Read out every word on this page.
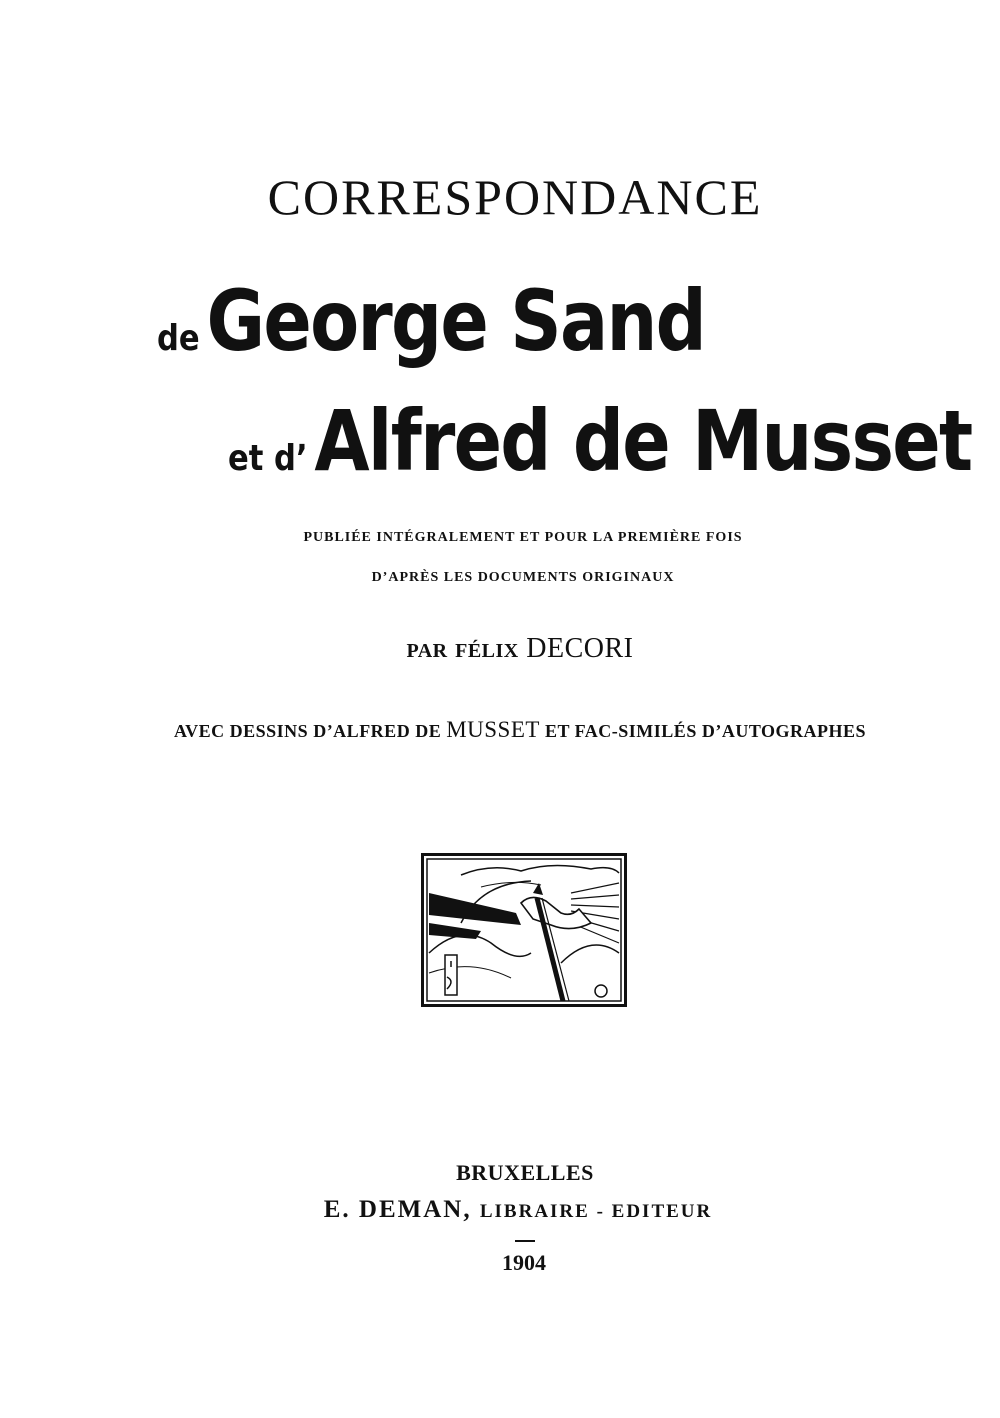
CORRESPONDANCE
deGeorge Sand
et d’Alfred de Musset
PUBLIÉE INTÉGRALEMENT ET POUR LA PREMIÈRE FOIS
D’APRÈS LES DOCUMENTS ORIGINAUX
PAR FÉLIX DECORI
AVEC DESSINS D’ALFRED DE MUSSET ET FAC-SIMILÉS D’AUTOGRAPHES
BRUXELLES
E. DEMAN, LIBRAIRE - EDITEUR
1904
